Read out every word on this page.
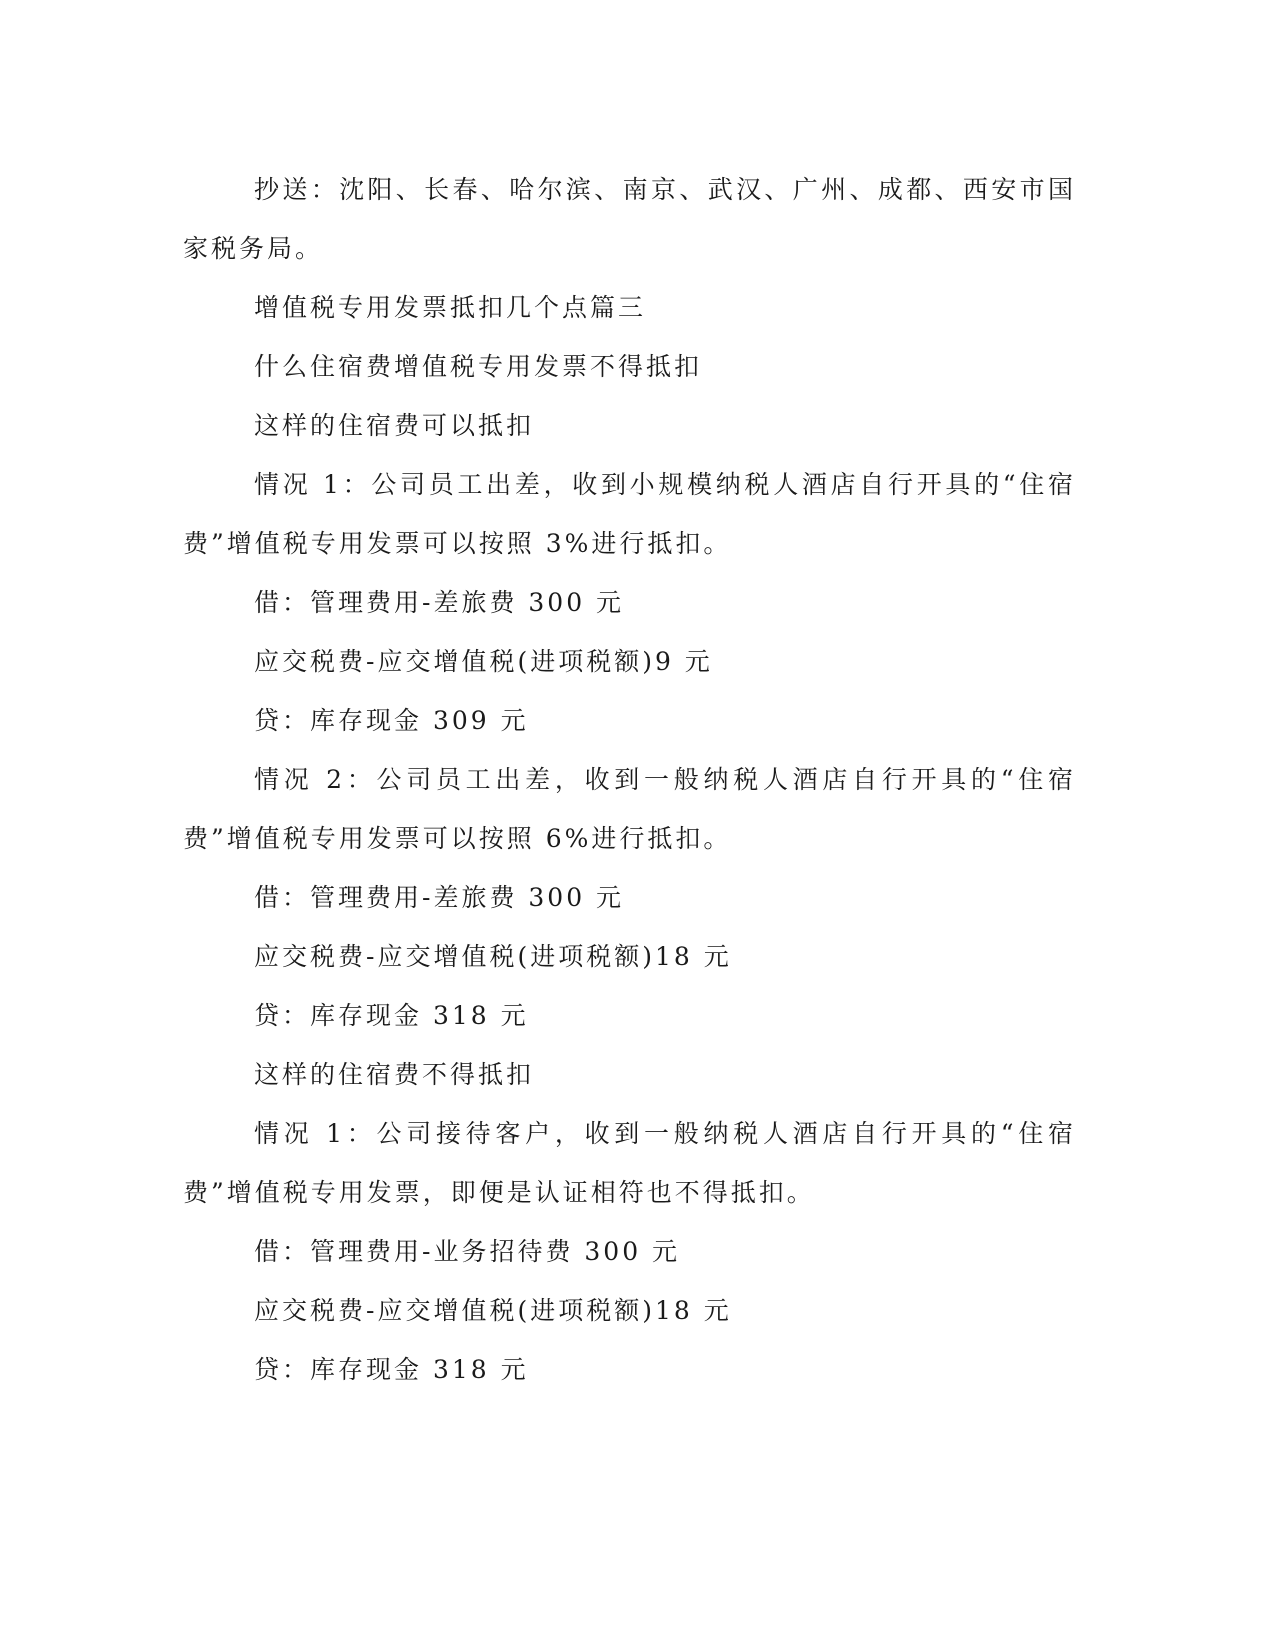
抄送：沈阳、长春、哈尔滨、南京、武汉、广州、成都、西安市国家税务局。

增值税专用发票抵扣几个点篇三

什么住宿费增值税专用发票不得抵扣

这样的住宿费可以抵扣

情况 1：公司员工出差，收到小规模纳税人酒店自行开具的“住宿费”增值税专用发票可以按照 3%进行抵扣。

借：管理费用-差旅费 300 元

应交税费-应交增值税(进项税额)9 元

贷：库存现金 309 元

情况 2：公司员工出差，收到一般纳税人酒店自行开具的“住宿费”增值税专用发票可以按照 6%进行抵扣。

借：管理费用-差旅费 300 元

应交税费-应交增值税(进项税额)18 元

贷：库存现金 318 元

这样的住宿费不得抵扣

情况 1：公司接待客户，收到一般纳税人酒店自行开具的“住宿费”增值税专用发票，即便是认证相符也不得抵扣。

借：管理费用-业务招待费 300 元

应交税费-应交增值税(进项税额)18 元

贷：库存现金 318 元
